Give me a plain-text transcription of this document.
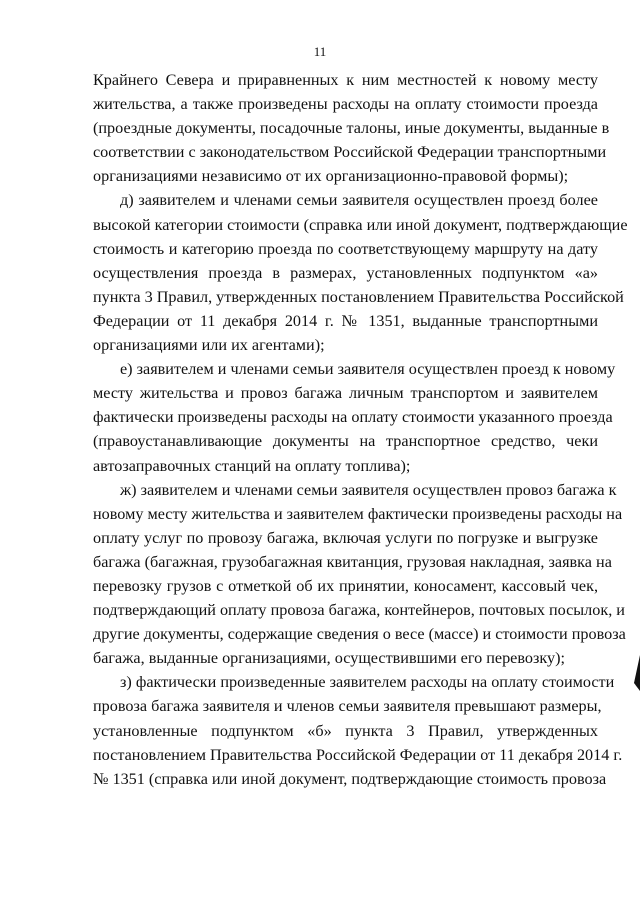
11
Крайнего Севера и приравненных к ним местностей к новому месту
жительства, а также произведены расходы на оплату стоимости проезда
(проездные документы, посадочные талоны, иные документы, выданные в
соответствии с законодательством Российской Федерации транспортными
организациями независимо от их организационно-правовой формы);
д) заявителем и членами семьи заявителя осуществлен проезд более
высокой категории стоимости (справка или иной документ, подтверждающие
стоимость и категорию проезда по соответствующему маршруту на дату
осуществления проезда в размерах, установленных подпунктом «а»
пункта 3 Правил, утвержденных постановлением Правительства Российской
Федерации от 11 декабря 2014 г. № 1351, выданные транспортными
организациями или их агентами);
е) заявителем и членами семьи заявителя осуществлен проезд к новому
месту жительства и провоз багажа личным транспортом и заявителем
фактически произведены расходы на оплату стоимости указанного проезда
(правоустанавливающие документы на транспортное средство, чеки
автозаправочных станций на оплату топлива);
ж) заявителем и членами семьи заявителя осуществлен провоз багажа к
новому месту жительства и заявителем фактически произведены расходы на
оплату услуг по провозу багажа, включая услуги по погрузке и выгрузке
багажа (багажная, грузобагажная квитанция, грузовая накладная, заявка на
перевозку грузов с отметкой об их принятии, коносамент, кассовый чек,
подтверждающий оплату провоза багажа, контейнеров, почтовых посылок, и
другие документы, содержащие сведения о весе (массе) и стоимости провоза
багажа, выданные организациями, осуществившими его перевозку);
з) фактически произведенные заявителем расходы на оплату стоимости
провоза багажа заявителя и членов семьи заявителя превышают размеры,
установленные подпунктом «б» пункта 3 Правил, утвержденных
постановлением Правительства Российской Федерации от 11 декабря 2014 г.
№ 1351 (справка или иной документ, подтверждающие стоимость провоза
